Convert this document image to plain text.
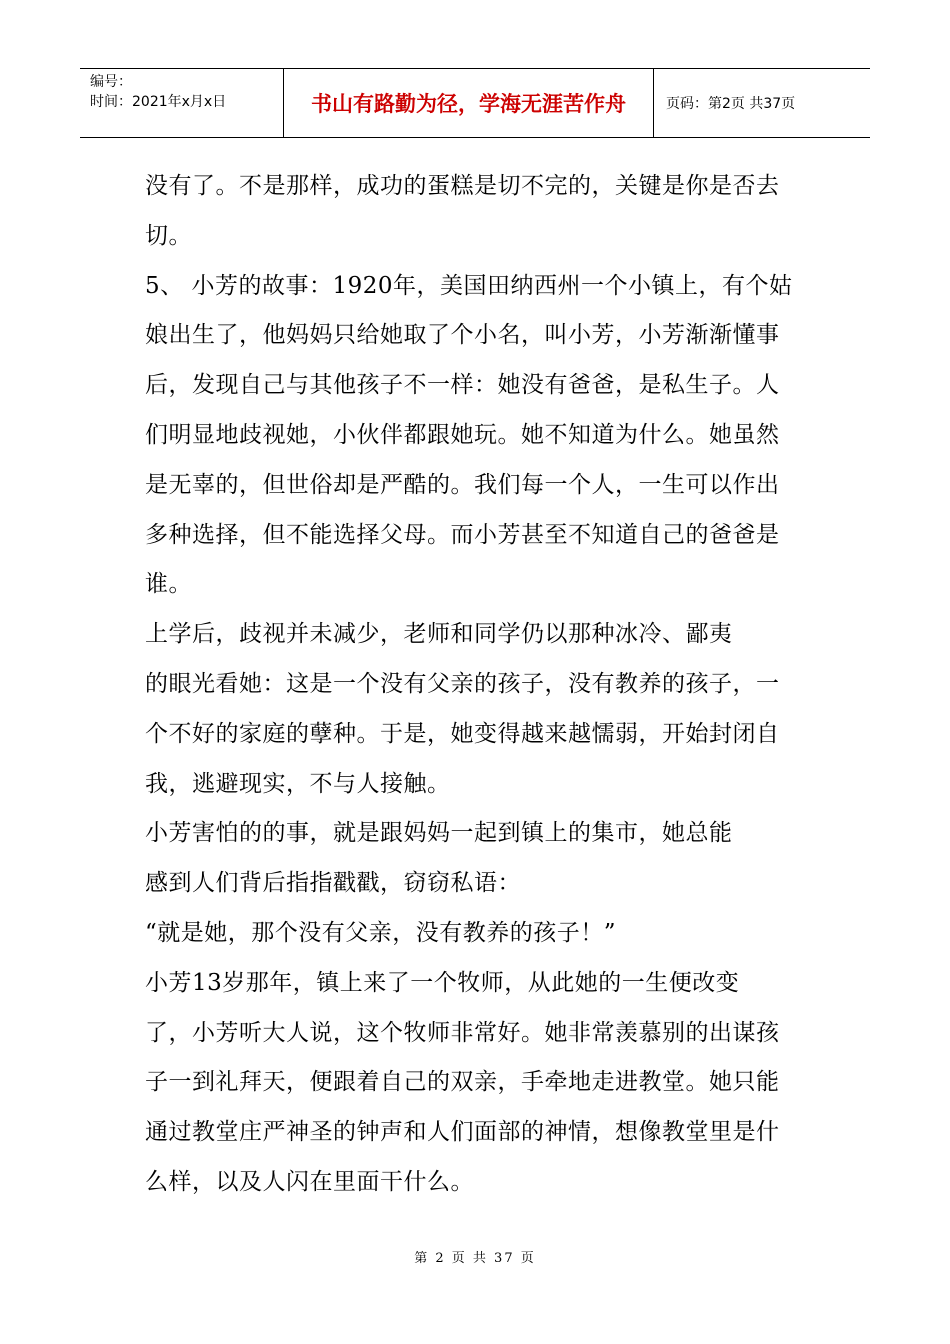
编号：
时间：2021年x月x日	书山有路勤为径，学海无涯苦作舟	页码：第2页 共37页
没有了。不是那样，成功的蛋糕是切不完的，关键是你是否去
切。
5、 小芳的故事：1920年，美国田纳西州一个小镇上，有个姑
娘出生了，他妈妈只给她取了个小名，叫小芳，小芳渐渐懂事
后，发现自己与其他孩子不一样：她没有爸爸，是私生子。人
们明显地歧视她，小伙伴都跟她玩。她不知道为什么。她虽然
是无辜的，但世俗却是严酷的。我们每一个人，一生可以作出
多种选择，但不能选择父母。而小芳甚至不知道自己的爸爸是
谁。
上学后，歧视并未减少，老师和同学仍以那种冰冷、鄙夷
的眼光看她：这是一个没有父亲的孩子，没有教养的孩子，一
个不好的家庭的孽种。于是，她变得越来越懦弱，开始封闭自
我，逃避现实，不与人接触。
小芳害怕的的事，就是跟妈妈一起到镇上的集市，她总能
感到人们背后指指戳戳，窃窃私语：
“就是她，那个没有父亲，没有教养的孩子！”
小芳13岁那年，镇上来了一个牧师，从此她的一生便改变
了，小芳听大人说，这个牧师非常好。她非常羡慕别的出谋孩
子一到礼拜天，便跟着自己的双亲，手牵地走进教堂。她只能
通过教堂庄严神圣的钟声和人们面部的神情，想像教堂里是什
么样，以及人闪在里面干什么。
第 2 页 共 37 页
